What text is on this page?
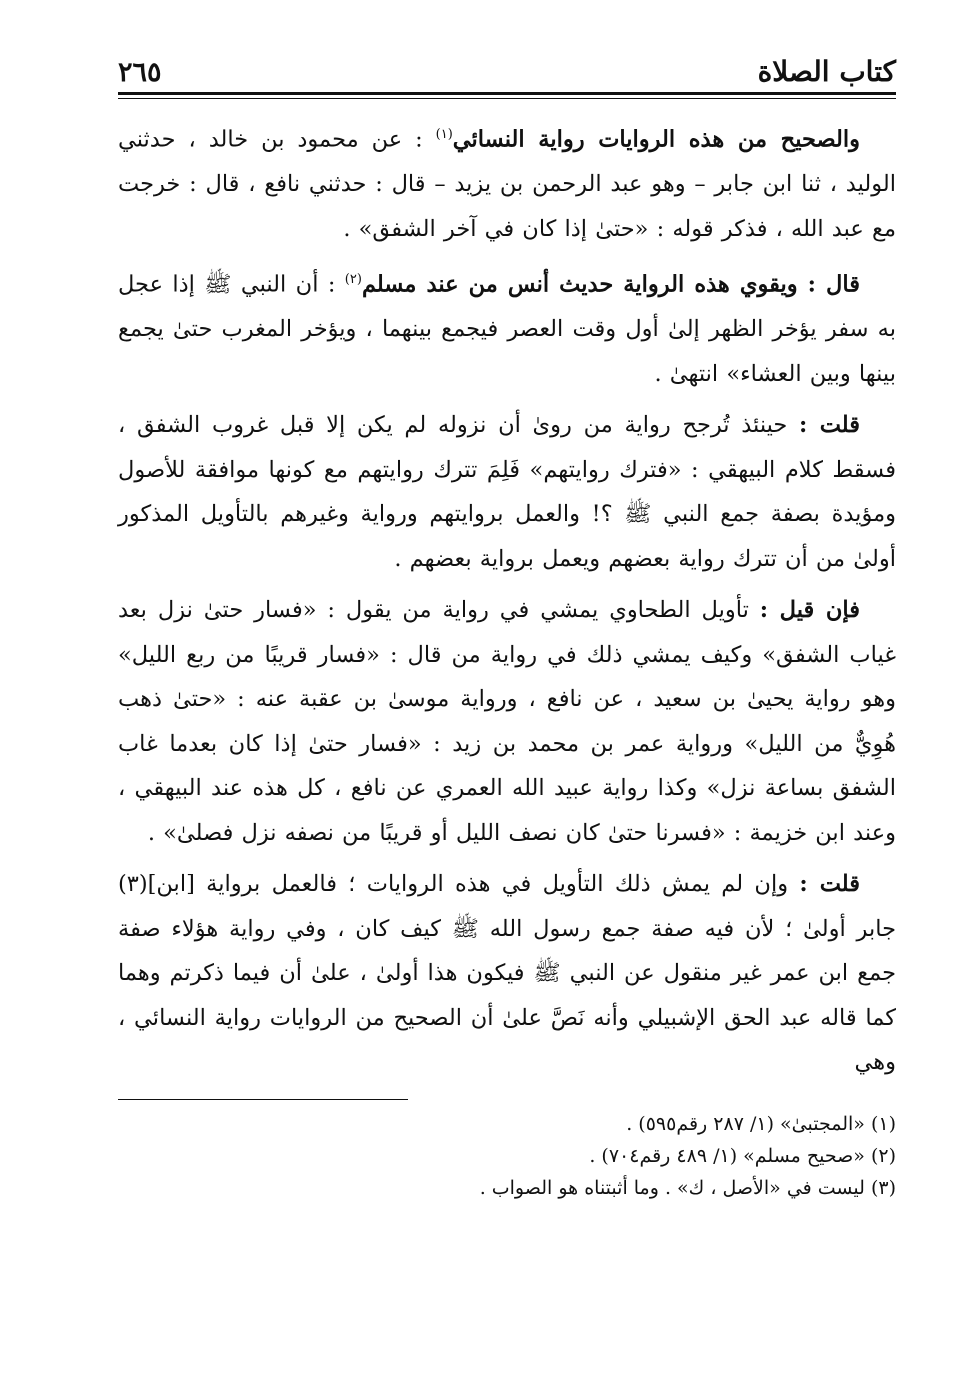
كتاب الصلاة
٢٦٥

والصحيح من هذه الروايات رواية النسائي$^{(١)}$ : عن محمود بن خالد ، حدثني الوليد ، ثنا ابن جابر – وهو عبد الرحمن بن يزيد – قال : حدثني نافع ، قال : خرجت مع عبد الله ، فذكر قوله : «حتىٰ إذا كان في آخر الشفق» .

قال : ويقوي هذه الرواية حديث أنس من عند مسلم$^{(٢)}$ : أن النبي ﷺ إذا عجل به سفر يؤخر الظهر إلىٰ أول وقت العصر فيجمع بينهما ، ويؤخر المغرب حتىٰ يجمع بينها وبين العشاء» انتهىٰ .

قلت : حينئذ تُرجح رواية من روىٰ أن نزوله لم يكن إلا قبل غروب الشفق ، فسقط كلام البيهقي : «فترك روايتهم» فَلِمَ تترك روايتهم مع كونها موافقة للأصول ومؤيدة بصفة جمع النبي ﷺ ؟! والعمل بروايتهم ورواية وغيرهم بالتأويل المذكور أولىٰ من أن تترك رواية بعضهم ويعمل برواية بعضهم .

فإن قيل : تأويل الطحاوي يمشي في رواية من يقول : «فسار حتىٰ نزل بعد غياب الشفق» وكيف يمشي ذلك في رواية من قال : «فسار قريبًا من ربع الليل» وهو رواية يحيىٰ بن سعيد ، عن نافع ، ورواية موسىٰ بن عقبة عنه : «حتىٰ ذهب هُوِيٌّ من الليل» ورواية عمر بن محمد بن زيد : «فسار حتىٰ إذا كان بعدما غاب الشفق بساعة نزل» وكذا رواية عبيد الله العمري عن نافع ، كل هذه عند البيهقي ، وعند ابن خزيمة : «فسرنا حتىٰ كان نصف الليل أو قريبًا من نصفه نزل فصلىٰ» .

قلت : وإن لم يمش ذلك التأويل في هذه الروايات ؛ فالعمل برواية [ابن](٣) جابر أولىٰ ؛ لأن فيه صفة جمع رسول الله ﷺ كيف كان ، وفي رواية هؤلاء صفة جمع ابن عمر غير منقول عن النبي ﷺ فيكون هذا أولىٰ ، علىٰ أن فيما ذكرتم وهما كما قاله عبد الحق الإشبيلي وأنه نَصَّ علىٰ أن الصحيح من الروايات رواية النسائي ، وهي

(١) «المجتبىٰ» (١/ ٢٨٧ رقم٥٩٥) .

(٢) «صحيح مسلم» (١/ ٤٨٩ رقم٧٠٤) .

(٣) ليست في «الأصل ، ك» . وما أثبتناه هو الصواب .
